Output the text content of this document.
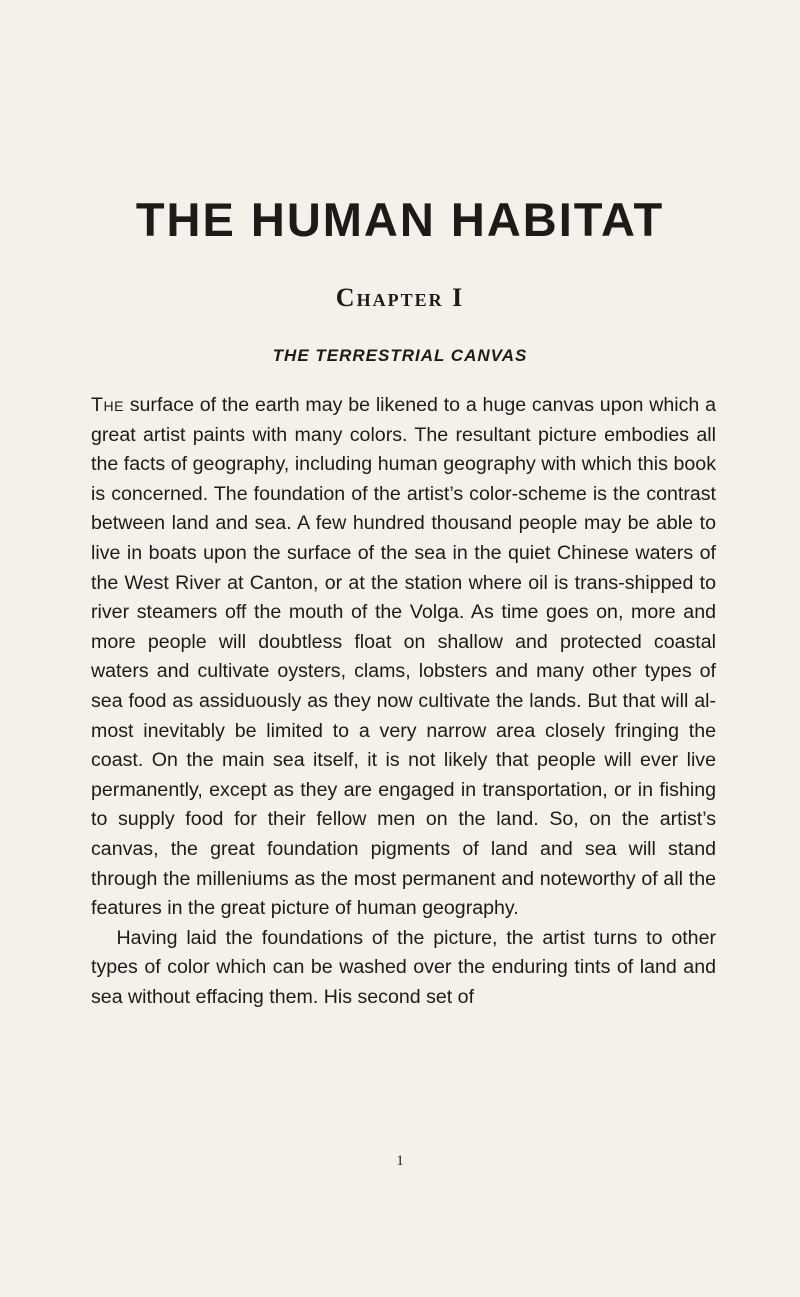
THE HUMAN HABITAT
Chapter I
THE TERRESTRIAL CANVAS

The surface of the earth may be likened to a huge canvas upon which a great artist paints with many colors. The resultant picture embodies all the facts of geography, including human geography with which this book is concerned. The foundation of the artist’s color-scheme is the contrast between land and sea. A few hundred thousand people may be able to live in boats upon the surface of the sea in the quiet Chinese waters of the West River at Canton, or at the station where oil is trans-shipped to river steamers off the mouth of the Volga. As time goes on, more and more people will doubtless float on shallow and protected coastal waters and cultivate oysters, clams, lobsters and many other types of sea food as assiduously as they now cultivate the lands. But that will almost inevitably be limited to a very narrow area closely fringing the coast. On the main sea itself, it is not likely that people will ever live permanently, except as they are engaged in transportation, or in fishing to supply food for their fellow men on the land. So, on the artist’s canvas, the great foundation pigments of land and sea will stand through the milleniums as the most permanent and noteworthy of all the features in the great picture of human geography.

Having laid the foundations of the picture, the artist turns to other types of color which can be washed over the enduring tints of land and sea without effacing them. His second set of

1
